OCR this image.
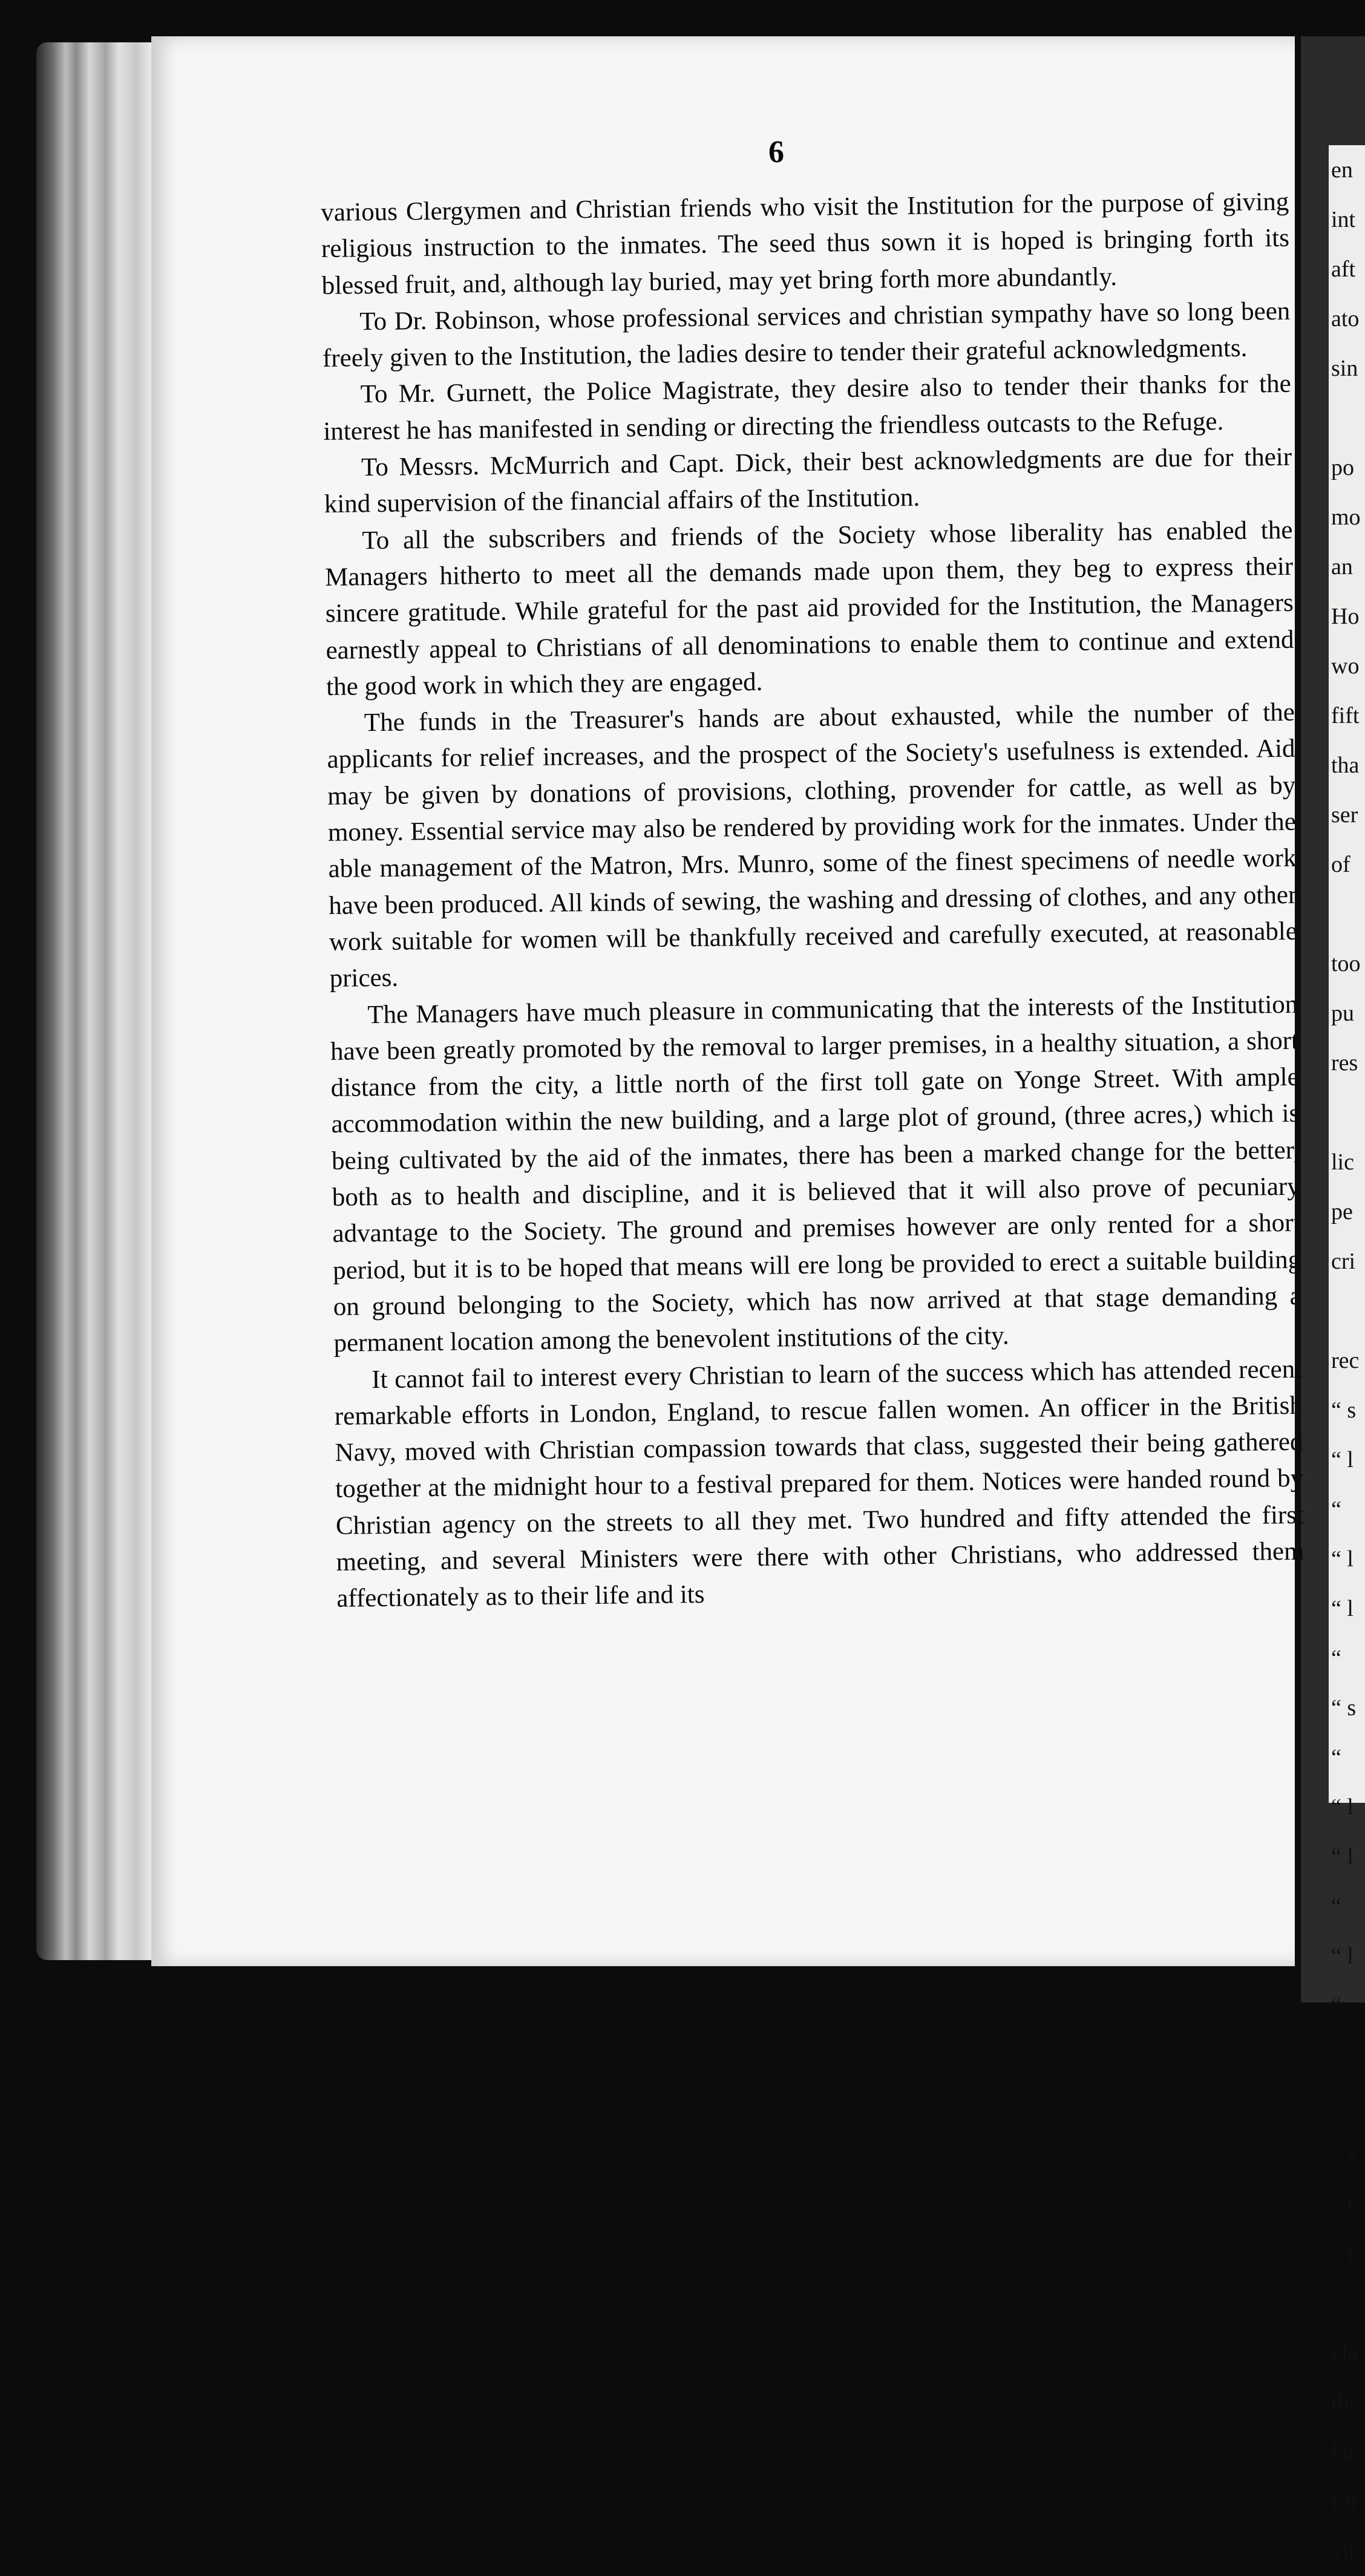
en
int
aft
ato
sin

po
mo
an
Ho
wo
fift
tha
ser
of

too
pu
res

lic
pe
cri

rec
“ s
“ l
“
“ l
“ l
“
“ s
“
“ l
“ l
“
“ l
“
“
“
“ s
“ t
“ l

cla
the
lar
for
vir
6

various Clergymen and Christian friends who visit the Institution for the purpose of giving religious instruction to the inmates. The seed thus sown it is hoped is bringing forth its blessed fruit, and, although lay buried, may yet bring forth more abundantly.

To Dr. Robinson, whose professional services and christian sympathy have so long been freely given to the Institution, the ladies desire to tender their grateful acknowledgments.

To Mr. Gurnett, the Police Magistrate, they desire also to tender their thanks for the interest he has manifested in sending or directing the friendless outcasts to the Refuge.

To Messrs. McMurrich and Capt. Dick, their best acknowledgments are due for their kind supervision of the financial affairs of the Institution.

To all the subscribers and friends of the Society whose liberality has enabled the Managers hitherto to meet all the demands made upon them, they beg to express their sincere gratitude. While grateful for the past aid provided for the Institution, the Managers earnestly appeal to Christians of all denominations to enable them to continue and extend the good work in which they are engaged.

The funds in the Treasurer's hands are about exhausted, while the number of the applicants for relief increases, and the prospect of the Society's usefulness is extended. Aid may be given by donations of provisions, clothing, provender for cattle, as well as by money. Essential service may also be rendered by providing work for the inmates. Under the able management of the Matron, Mrs. Munro, some of the finest specimens of needle work have been produced. All kinds of sewing, the washing and dressing of clothes, and any other work suitable for women will be thankfully received and carefully executed, at reasonable prices.

The Managers have much pleasure in communicating that the interests of the Institution have been greatly promoted by the removal to larger premises, in a healthy situation, a short distance from the city, a little north of the first toll gate on Yonge Street. With ample accommodation within the new building, and a large plot of ground, (three acres,) which is being cultivated by the aid of the inmates, there has been a marked change for the better, both as to health and discipline, and it is believed that it will also prove of pecuniary advantage to the Society. The ground and premises however are only rented for a short period, but it is to be hoped that means will ere long be provided to erect a suitable building on ground belonging to the Society, which has now arrived at that stage demanding a permanent location among the benevolent institutions of the city.

It cannot fail to interest every Christian to learn of the success which has attended recent remarkable efforts in London, England, to rescue fallen women. An officer in the British Navy, moved with Christian compassion towards that class, suggested their being gathered together at the midnight hour to a festival prepared for them. Notices were handed round by Christian agency on the streets to all they met. Two hundred and fifty attended the first meeting, and several Ministers were there with other Christians, who addressed them affectionately as to their life and its
